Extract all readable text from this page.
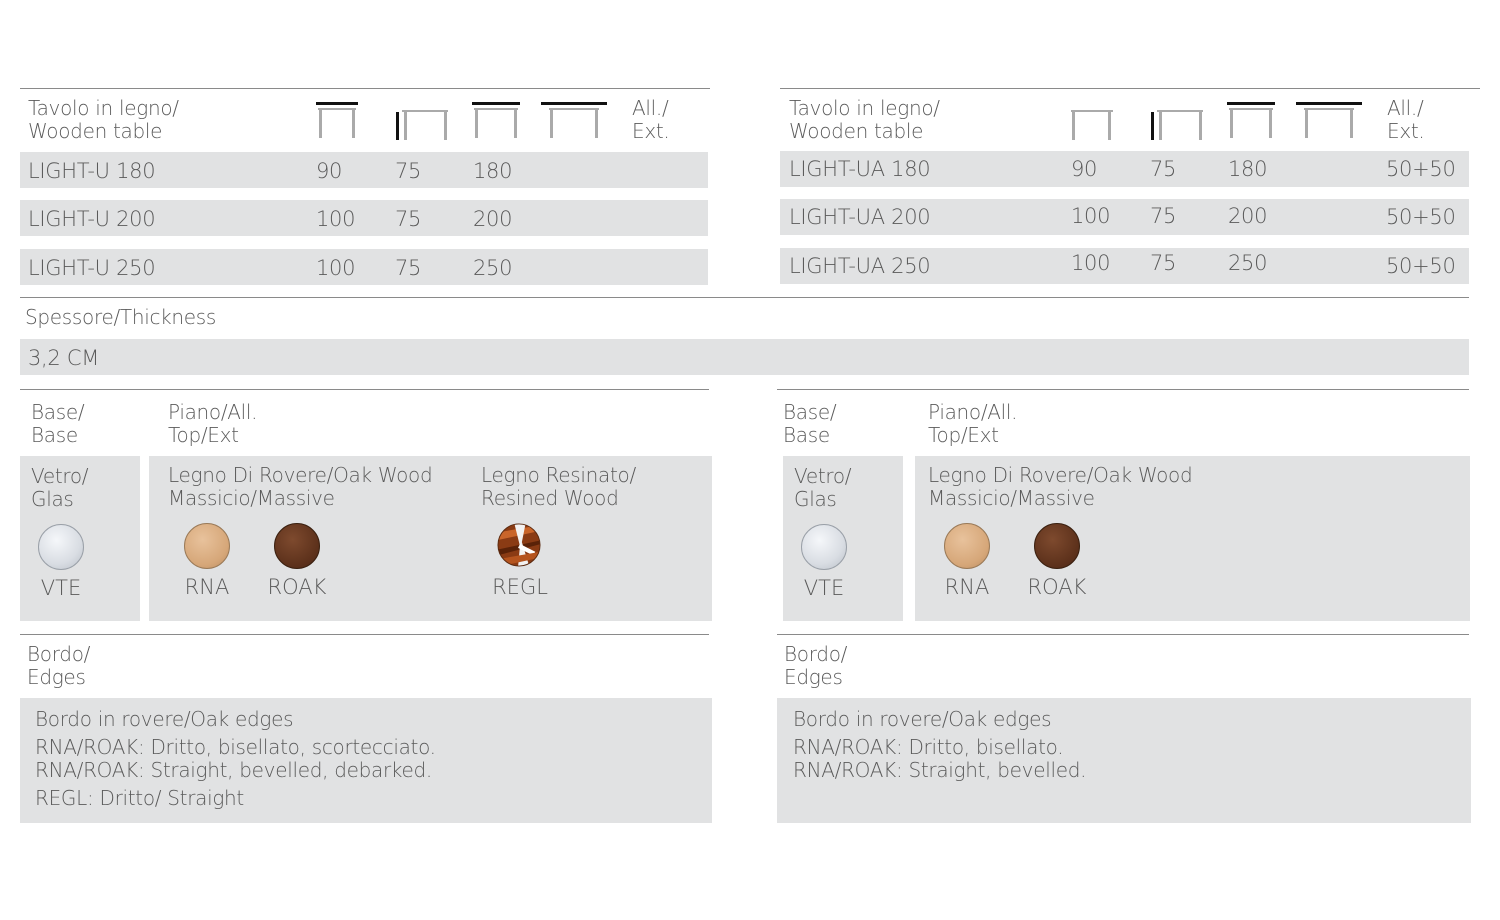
Tavolo in legno/
Wooden table
All./
Ext.
LIGHT-U 180	90	75 180
LIGHT-U 200	100 75 200
LIGHT-U 250	100 75 250
Tavolo in legno/
Wooden table
All./
Ext.
LIGHT-UA 180	90	75 180	50+50
LIGHT-UA 200	100 75 200	50+50
LIGHT-UA 250	100 75 250	50+50
Spessore/Thickness
3,2 CM
Base/
Base
Piano/All.
Top/Ext
Vetro/
Glas
VTE
Legno Di Rovere/Oak Wood
Massicio/Massive
RNA	ROAK
Legno Resinato/
Resined Wood
REGL
Base/
Base
Piano/All.
Top/Ext
Vetro/
Glas
VTE
Legno Di Rovere/Oak Wood
Massicio/Massive
RNA	ROAK
Bordo/
Edges
Bordo in rovere/Oak edges
RNA/ROAK: Dritto, bisellato, scortecciato.
RNA/ROAK: Straight, bevelled, debarked.
REGL: Dritto/ Straight
Bordo/
Edges
Bordo in rovere/Oak edges
RNA/ROAK: Dritto, bisellato.
RNA/ROAK: Straight, bevelled.
